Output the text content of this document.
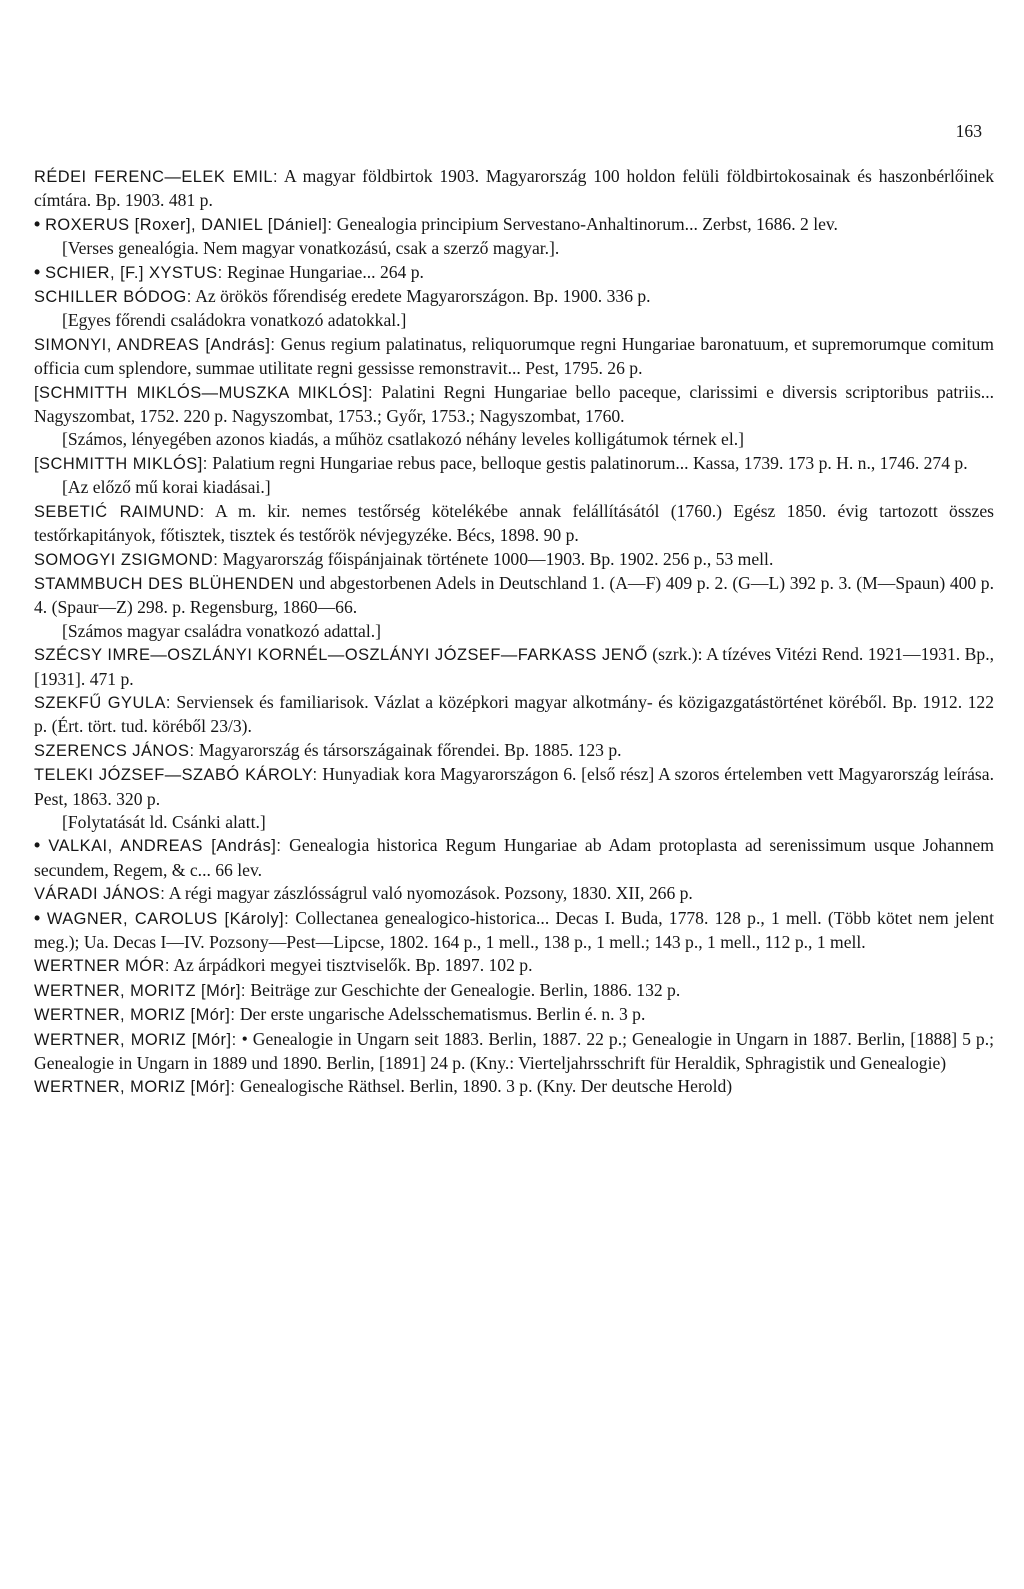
163
RÉDEI FERENC—ELEK EMIL: A magyar földbirtok 1903. Magyarország 100 holdon felüli földbirtokosainak és haszonbérlőinek címtára. Bp. 1903. 481 p.
• ROXERUS [Roxer], DANIEL [Dániel]: Genealogia principium Servestano-Anhaltinorum... Zerbst, 1686. 2 lev.
[Verses genealógia. Nem magyar vonatkozású, csak a szerző magyar.].
• SCHIER, [F.] XYSTUS: Reginae Hungariae... 264 p.
SCHILLER BÓDOG: Az örökös főrendiség eredete Magyarországon. Bp. 1900. 336 p.
[Egyes főrendi családokra vonatkozó adatokkal.]
SIMONYI, ANDREAS [András]: Genus regium palatinatus, reliquorumque regni Hungariae baronatuum, et supremorumque comitum officia cum splendore, summae utilitate regni gessisse remonstravit... Pest, 1795. 26 p.
[SCHMITTH MIKLÓS—MUSZKA MIKLÓS]: Palatini Regni Hungariae bello paceque, clarissimi e diversis scriptoribus patriis... Nagyszombat, 1752. 220 p. Nagyszombat, 1753.; Győr, 1753.; Nagyszombat, 1760.
[Számos, lényegében azonos kiadás, a műhöz csatlakozó néhány leveles kolligátumok térnek el.]
[SCHMITTH MIKLÓS]: Palatium regni Hungariae rebus pace, belloque gestis palatinorum... Kassa, 1739. 173 p. H. n., 1746. 274 p.
[Az előző mű korai kiadásai.]
SEBETIĆ RAIMUND: A m. kir. nemes testőrség kötelékébe annak felállításától (1760.) Egész 1850. évig tartozott összes testőrkapitányok, főtisztek, tisztek és testőrök névjegyzéke. Bécs, 1898. 90 p.
SOMOGYI ZSIGMOND: Magyarország főispánjainak története 1000—1903. Bp. 1902. 256 p., 53 mell.
STAMMBUCH DES BLÜHENDEN und abgestorbenen Adels in Deutschland 1. (A—F) 409 p. 2. (G—L) 392 p. 3. (M—Spaun) 400 p. 4. (Spaur—Z) 298. p. Regensburg, 1860—66.
[Számos magyar családra vonatkozó adattal.]
SZÉCSY IMRE—OSZLÁNYI KORNÉL—OSZLÁNYI JÓZSEF—FARKASS JENŐ (szrk.): A tízéves Vitézi Rend. 1921—1931. Bp., [1931]. 471 p.
SZEKFŰ GYULA: Serviensek és familiarisok. Vázlat a középkori magyar alkotmány- és közigazgatástörténet köréből. Bp. 1912. 122 p. (Ért. tört. tud. köréből 23/3).
SZERENCS JÁNOS: Magyarország és társországainak főrendei. Bp. 1885. 123 p.
TELEKI JÓZSEF—SZABÓ KÁROLY: Hunyadiak kora Magyarországon 6. [első rész] A szoros értelemben vett Magyarország leírása. Pest, 1863. 320 p.
[Folytatását ld. Csánki alatt.]
• VALKAI, ANDREAS [András]: Genealogia historica Regum Hungariae ab Adam protoplasta ad serenissimum usque Johannem secundem, Regem, & c... 66 lev.
VÁRADI JÁNOS: A régi magyar zászlósságrul való nyomozások. Pozsony, 1830. XII, 266 p.
• WAGNER, CAROLUS [Károly]: Collectanea genealogico-historica... Decas I. Buda, 1778. 128 p., 1 mell. (Több kötet nem jelent meg.); Ua. Decas I—IV. Pozsony—Pest—Lipcse, 1802. 164 p., 1 mell., 138 p., 1 mell.; 143 p., 1 mell., 112 p., 1 mell.
WERTNER MÓR: Az árpádkori megyei tisztviselők. Bp. 1897. 102 p.
WERTNER, MORITZ [Mór]: Beiträge zur Geschichte der Genealogie. Berlin, 1886. 132 p.
WERTNER, MORIZ [Mór]: Der erste ungarische Adelsschematismus. Berlin é. n. 3 p.
WERTNER, MORIZ [Mór]: • Genealogie in Ungarn seit 1883. Berlin, 1887. 22 p.; Genealogie in Ungarn in 1887. Berlin, [1888] 5 p.; Genealogie in Ungarn in 1889 und 1890. Berlin, [1891] 24 p. (Kny.: Vierteljahrsschrift für Heraldik, Sphragistik und Genealogie)
WERTNER, MORIZ [Mór]: Genealogische Räthsel. Berlin, 1890. 3 p. (Kny. Der deutsche Herold)
